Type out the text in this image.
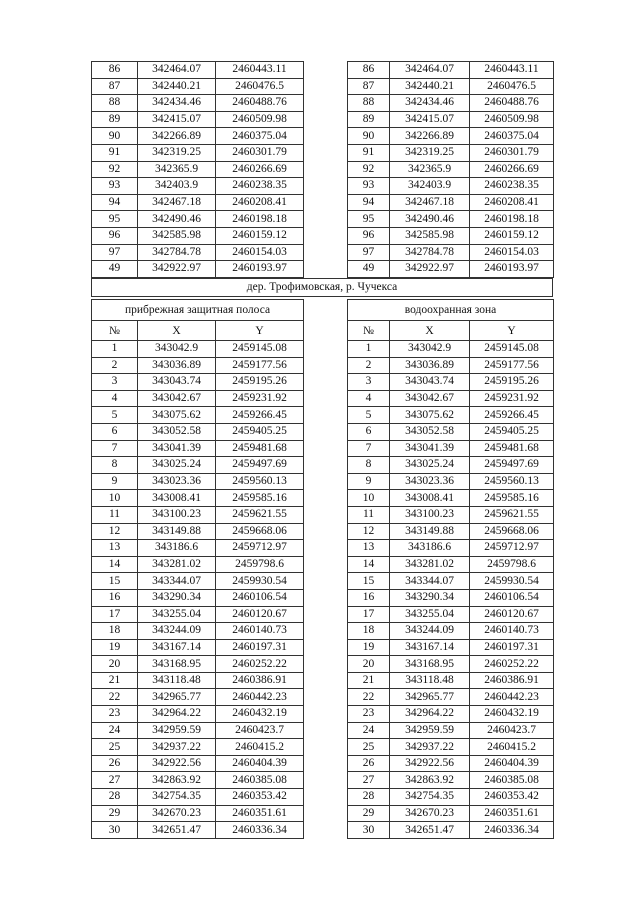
86	342464.07	2460443.11
87	342440.21	2460476.5
88	342434.46	2460488.76
89	342415.07	2460509.98
90	342266.89	2460375.04
91	342319.25	2460301.79
92	342365.9	2460266.69
93	342403.9	2460238.35
94	342467.18	2460208.41
95	342490.46	2460198.18
96	342585.98	2460159.12
97	342784.78	2460154.03
49	342922.97	2460193.97
86	342464.07	2460443.11
87	342440.21	2460476.5
88	342434.46	2460488.76
89	342415.07	2460509.98
90	342266.89	2460375.04
91	342319.25	2460301.79
92	342365.9	2460266.69
93	342403.9	2460238.35
94	342467.18	2460208.41
95	342490.46	2460198.18
96	342585.98	2460159.12
97	342784.78	2460154.03
49	342922.97	2460193.97
дер. Трофимовская, р. Чучекса
прибрежная защитная полоса		
№	X	Y
1	343042.9	2459145.08
2	343036.89	2459177.56
3	343043.74	2459195.26
4	343042.67	2459231.92
5	343075.62	2459266.45
6	343052.58	2459405.25
7	343041.39	2459481.68
8	343025.24	2459497.69
9	343023.36	2459560.13
10	343008.41	2459585.16
11	343100.23	2459621.55
12	343149.88	2459668.06
13	343186.6	2459712.97
14	343281.02	2459798.6
15	343344.07	2459930.54
16	343290.34	2460106.54
17	343255.04	2460120.67
18	343244.09	2460140.73
19	343167.14	2460197.31
20	343168.95	2460252.22
21	343118.48	2460386.91
22	342965.77	2460442.23
23	342964.22	2460432.19
24	342959.59	2460423.7
25	342937.22	2460415.2
26	342922.56	2460404.39
27	342863.92	2460385.08
28	342754.35	2460353.42
29	342670.23	2460351.61
30	342651.47	2460336.34
водоохранная зона		
№	X	Y
1	343042.9	2459145.08
2	343036.89	2459177.56
3	343043.74	2459195.26
4	343042.67	2459231.92
5	343075.62	2459266.45
6	343052.58	2459405.25
7	343041.39	2459481.68
8	343025.24	2459497.69
9	343023.36	2459560.13
10	343008.41	2459585.16
11	343100.23	2459621.55
12	343149.88	2459668.06
13	343186.6	2459712.97
14	343281.02	2459798.6
15	343344.07	2459930.54
16	343290.34	2460106.54
17	343255.04	2460120.67
18	343244.09	2460140.73
19	343167.14	2460197.31
20	343168.95	2460252.22
21	343118.48	2460386.91
22	342965.77	2460442.23
23	342964.22	2460432.19
24	342959.59	2460423.7
25	342937.22	2460415.2
26	342922.56	2460404.39
27	342863.92	2460385.08
28	342754.35	2460353.42
29	342670.23	2460351.61
30	342651.47	2460336.34
